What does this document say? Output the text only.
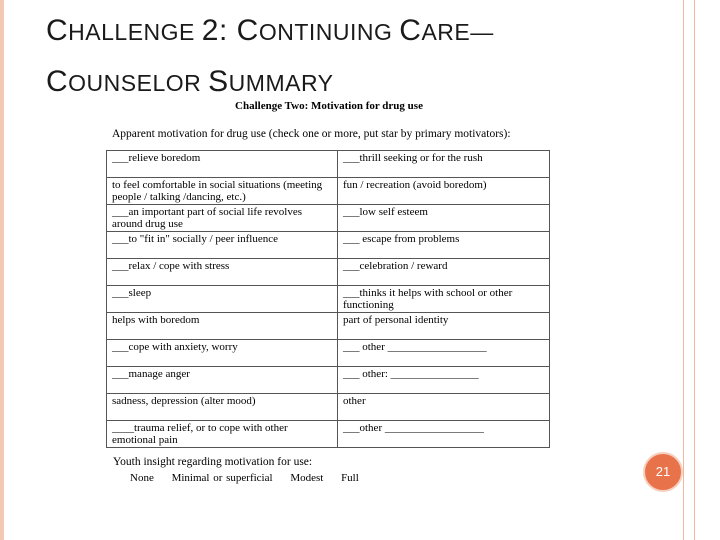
CHALLENGE 2: CONTINUING CARE—
COUNSELOR SUMMARY
Challenge Two: Motivation for drug use
Apparent motivation for drug use (check one or more, put star by primary motivators):
___relieve boredom	___thrill seeking or for the rush
to feel comfortable in social situations (meeting people / talking /dancing, etc.)	fun / recreation (avoid boredom)
___an important part of social life revolves around drug use	___low self esteem
___to "fit in" socially / peer influence	___ escape from problems
___relax / cope with stress	___celebration / reward
___sleep	___thinks it helps with school or other functioning
helps with boredom	part of personal identity
___cope with anxiety, worry	___ other __________________
___manage anger	___ other: ________________
sadness, depression (alter mood)	other
____trauma relief, or to cope with other emotional pain	___other __________________
Youth insight regarding motivation for use:
None Minimal or superficial Modest Full	21
